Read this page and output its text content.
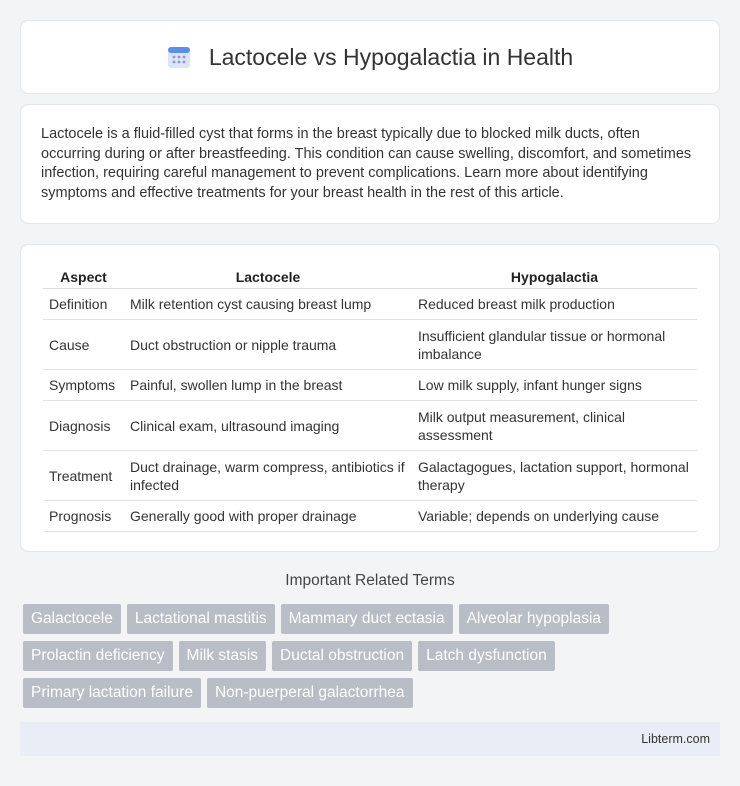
Lactocele vs Hypogalactia in Health

Lactocele is a fluid-filled cyst that forms in the breast typically due to blocked milk ducts, often occurring during or after breastfeeding. This condition can cause swelling, discomfort, and sometimes infection, requiring careful management to prevent complications. Learn more about identifying symptoms and effective treatments for your breast health in the rest of this article.

Aspect	Lactocele	Hypogalactia
Definition	Milk retention cyst causing breast lump	Reduced breast milk production
Cause	Duct obstruction or nipple trauma	Insufficient glandular tissue or hormonal imbalance
Symptoms	Painful, swollen lump in the breast	Low milk supply, infant hunger signs
Diagnosis	Clinical exam, ultrasound imaging	Milk output measurement, clinical assessment
Treatment	Duct drainage, warm compress, antibiotics if infected	Galactagogues, lactation support, hormonal therapy
Prognosis	Generally good with proper drainage	Variable; depends on underlying cause
Important Related Terms
Galactocele	Lactational mastitis	Mammary duct ectasia	Alveolar hypoplasia
Prolactin deficiency	Milk stasis	Ductal obstruction	Latch dysfunction
Primary lactation failure	Non-puerperal galactorrhea
Libterm.com
